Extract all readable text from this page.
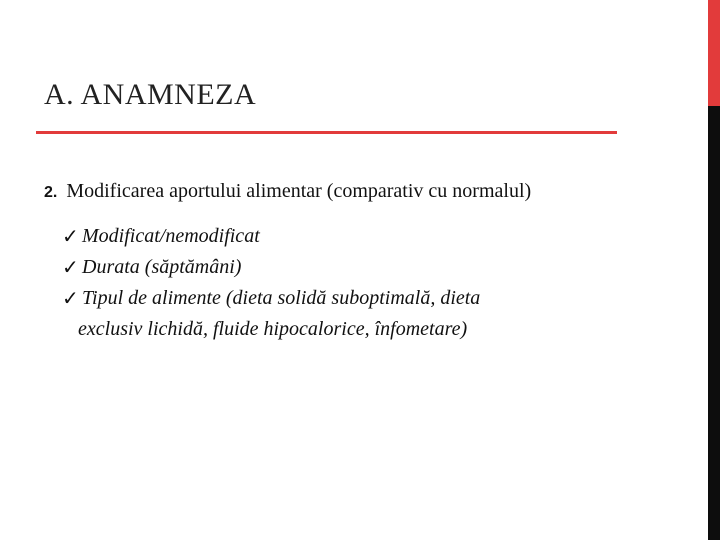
A. ANAMNEZA
2. Modificarea aportului alimentar (comparativ cu normalul)
✓ Modificat/nemodificat
✓ Durata (săptămâni)
✓ Tipul de alimente (dieta solidă suboptimală, dieta
exclusiv lichidă, fluide hipocalorice, înfometare)
